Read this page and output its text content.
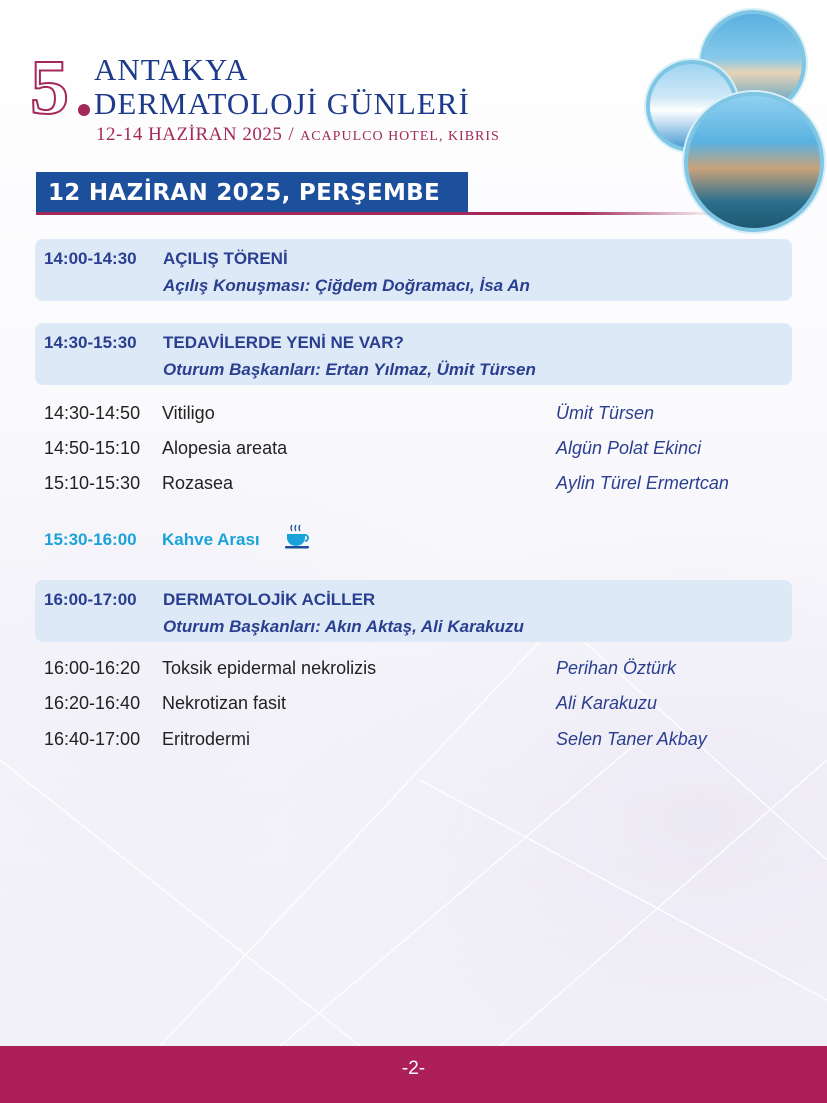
5 ANTAKYA
DERMATOLOJİ GÜNLERİ
12-14 HAZİRAN 2025 / ACAPULCO HOTEL, KIBRIS
12 HAZİRAN 2025, PERŞEMBE
14:00-14:30 AÇILIŞ TÖRENİ
Açılış Konuşması: Çiğdem Doğramacı, İsa An
14:30-15:30 TEDAVİLERDE YENİ NE VAR?
Oturum Başkanları: Ertan Yılmaz, Ümit Türsen
14:30-14:50 Vitiligo	Ümit Türsen
14:50-15:10 Alopesia areata	Algün Polat Ekinci
15:10-15:30 Rozasea	Aylin Türel Ermertcan
15:30-16:00 Kahve Arası
16:00-17:00 DERMATOLOJİK ACİLLER
Oturum Başkanları: Akın Aktaş, Ali Karakuzu
16:00-16:20 Toksik epidermal nekrolizis	Perihan Öztürk
16:20-16:40 Nekrotizan fasit	Ali Karakuzu
16:40-17:00 Eritrodermi	Selen Taner Akbay
-2-
